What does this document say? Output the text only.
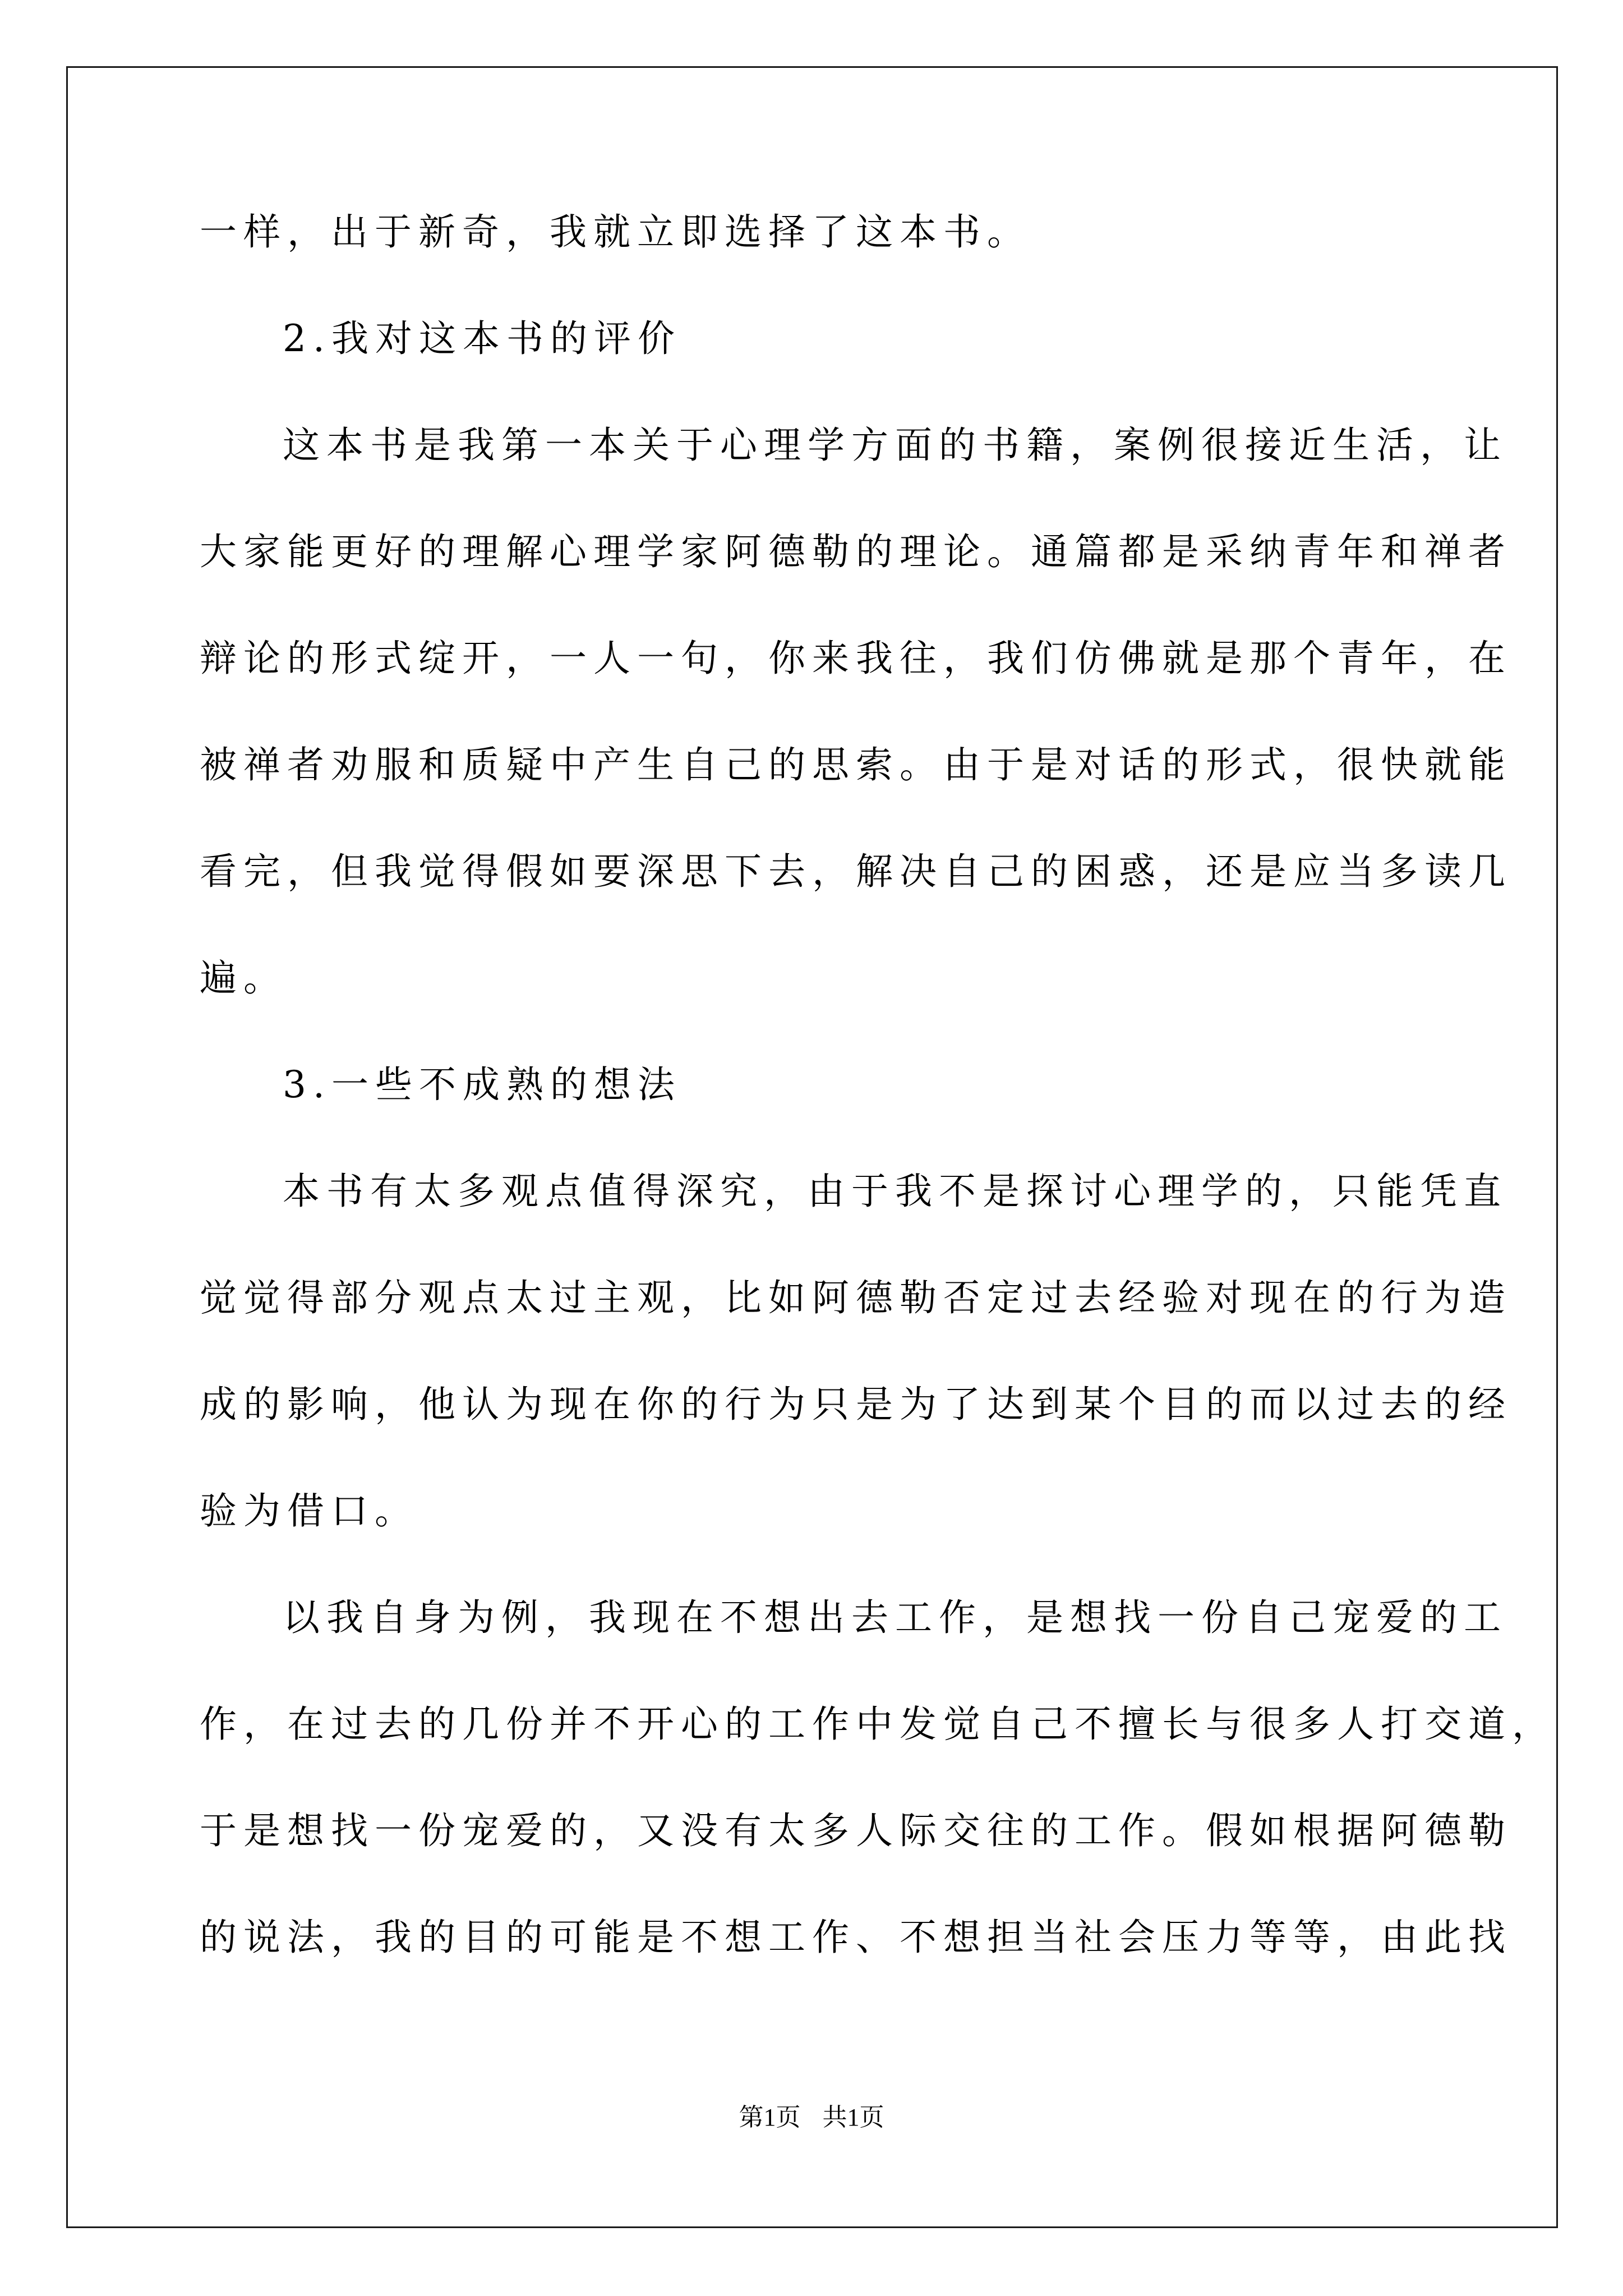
一样，出于新奇，我就立即选择了这本书。
2.我对这本书的评价
这本书是我第一本关于心理学方面的书籍，案例很接近生活，让
大家能更好的理解心理学家阿德勒的理论。通篇都是采纳青年和禅者
辩论的形式绽开，一人一句，你来我往，我们仿佛就是那个青年，在
被禅者劝服和质疑中产生自己的思索。由于是对话的形式，很快就能
看完，但我觉得假如要深思下去，解决自己的困惑，还是应当多读几
遍。
3.一些不成熟的想法
本书有太多观点值得深究，由于我不是探讨心理学的，只能凭直
觉觉得部分观点太过主观，比如阿德勒否定过去经验对现在的行为造
成的影响，他认为现在你的行为只是为了达到某个目的而以过去的经
验为借口。
以我自身为例，我现在不想出去工作，是想找一份自己宠爱的工
作，在过去的几份并不开心的工作中发觉自己不擅长与很多人打交道，
于是想找一份宠爱的，又没有太多人际交往的工作。假如根据阿德勒
的说法，我的目的可能是不想工作、不想担当社会压力等等，由此找
第1页 共1页
